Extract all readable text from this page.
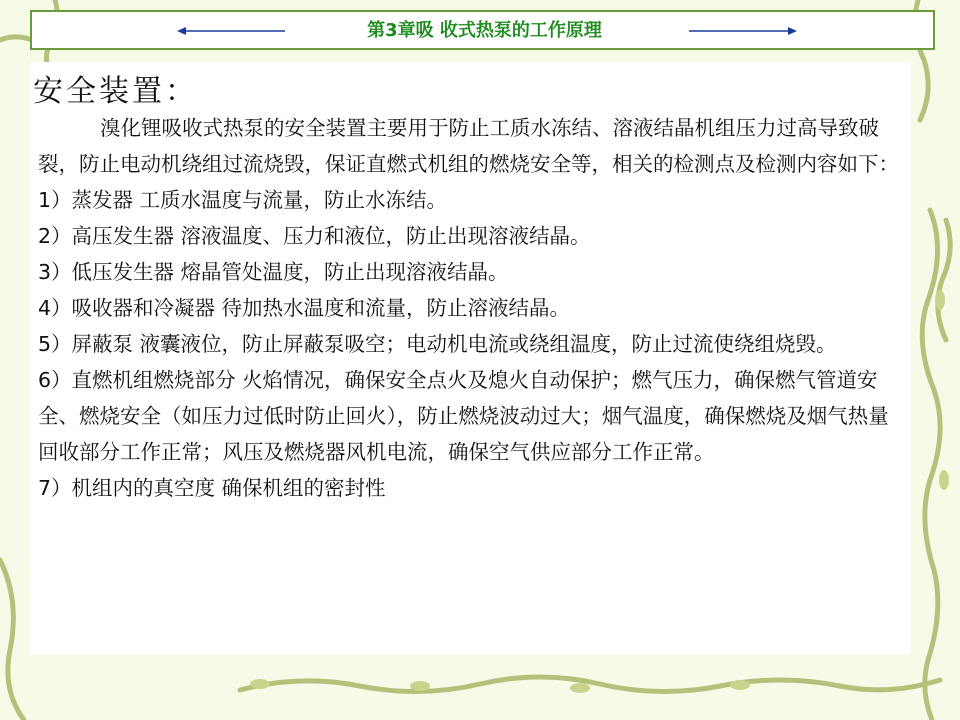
第3章吸 收式热泵的工作原理
安全装置：

溴化锂吸收式热泵的安全装置主要用于防止工质水冻结、溶液结晶机组压力过高导致破裂，防止电动机绕组过流烧毁，保证直燃式机组的燃烧安全等，相关的检测点及检测内容如下：

1）蒸发器 工质水温度与流量，防止水冻结。

2）高压发生器 溶液温度、压力和液位，防止出现溶液结晶。

3）低压发生器 熔晶管处温度，防止出现溶液结晶。

4）吸收器和冷凝器 待加热水温度和流量，防止溶液结晶。

5）屏蔽泵 液囊液位，防止屏蔽泵吸空；电动机电流或绕组温度，防止过流使绕组烧毁。

6）直燃机组燃烧部分 火焰情况，确保安全点火及熄火自动保护；燃气压力，确保燃气管道安全、燃烧安全（如压力过低时防止回火），防止燃烧波动过大；烟气温度，确保燃烧及烟气热量回收部分工作正常；风压及燃烧器风机电流，确保空气供应部分工作正常。

7）机组内的真空度 确保机组的密封性
